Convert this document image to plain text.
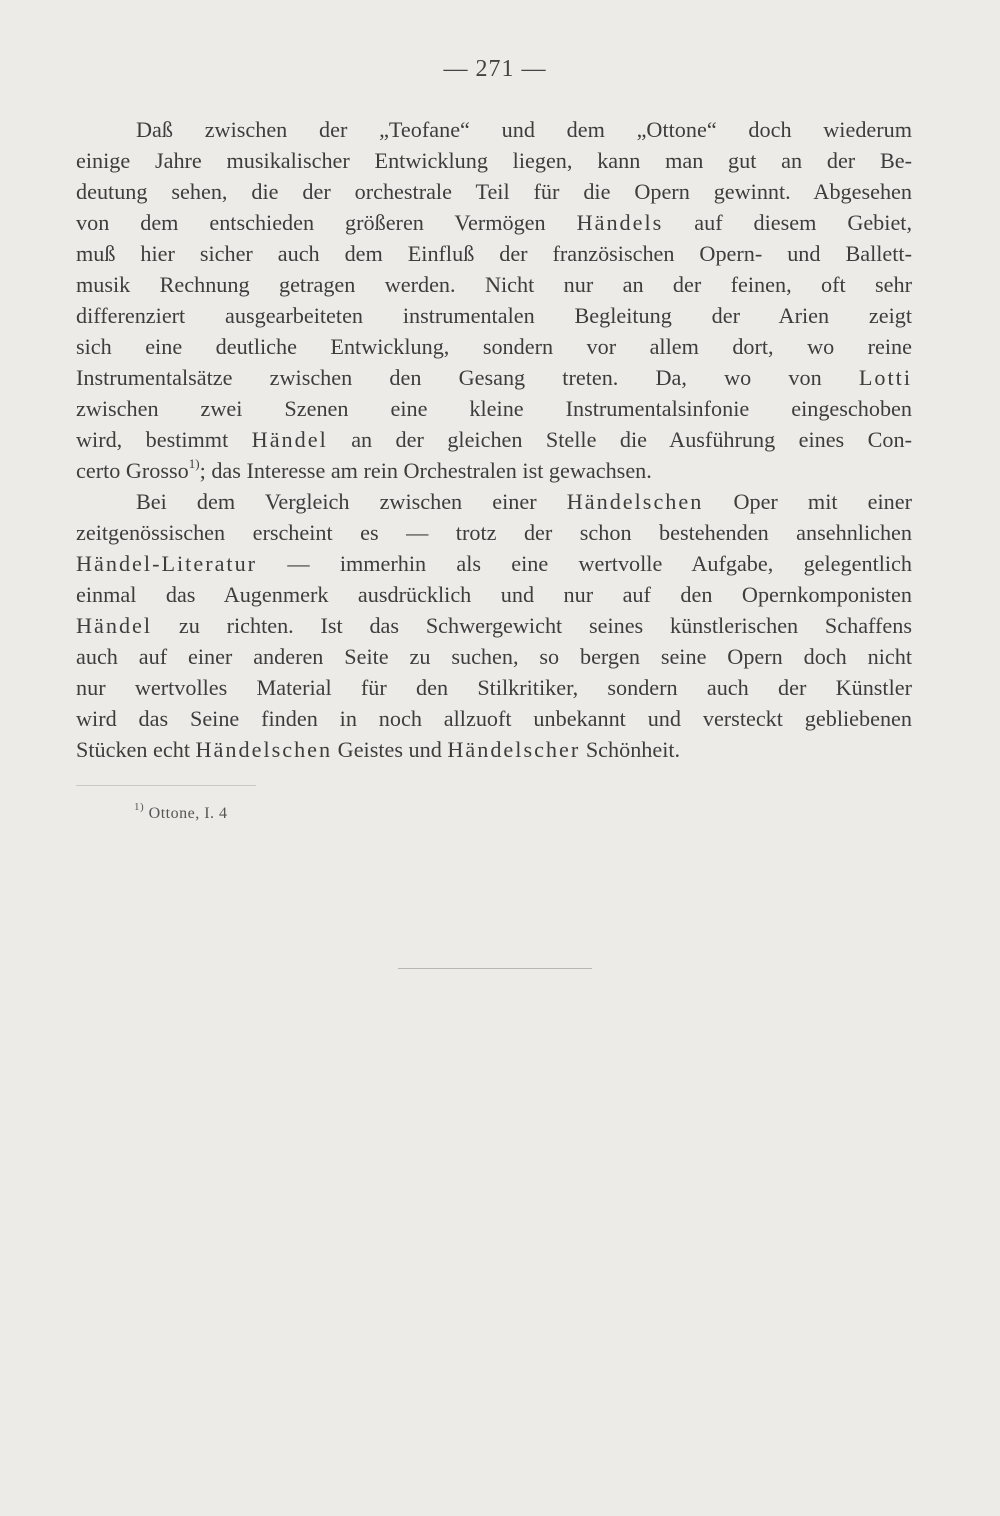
— 271 —
Daß zwischen der „Teofane“ und dem „Ottone“ doch wiederum
einige Jahre musikalischer Entwicklung liegen, kann man gut an der Be-
deutung sehen, die der orchestrale Teil für die Opern gewinnt. Abgesehen
von dem entschieden größeren Vermögen Händels auf diesem Gebiet,
muß hier sicher auch dem Einfluß der französischen Opern- und Ballett-
musik Rechnung getragen werden. Nicht nur an der feinen, oft sehr
differenziert ausgearbeiteten instrumentalen Begleitung der Arien zeigt
sich eine deutliche Entwicklung, sondern vor allem dort, wo reine
Instrumentalsätze zwischen den Gesang treten. Da, wo von Lotti
zwischen zwei Szenen eine kleine Instrumentalsinfonie eingeschoben
wird, bestimmt Händel an der gleichen Stelle die Ausführung eines Con-
certo Grosso$^{1)}$; das Interesse am rein Orchestralen ist gewachsen.
Bei dem Vergleich zwischen einer Händelschen Oper mit einer
zeitgenössischen erscheint es — trotz der schon bestehenden ansehnlichen
Händel-Literatur — immerhin als eine wertvolle Aufgabe, gelegentlich
einmal das Augenmerk ausdrücklich und nur auf den Opernkomponisten
Händel zu richten. Ist das Schwergewicht seines künstlerischen Schaffens
auch auf einer anderen Seite zu suchen, so bergen seine Opern doch nicht
nur wertvolles Material für den Stilkritiker, sondern auch der Künstler
wird das Seine finden in noch allzuoft unbekannt und versteckt gebliebenen
Stücken echt Händelschen Geistes und Händelscher Schönheit.
$^{1)}$ Ottone, I. 4
